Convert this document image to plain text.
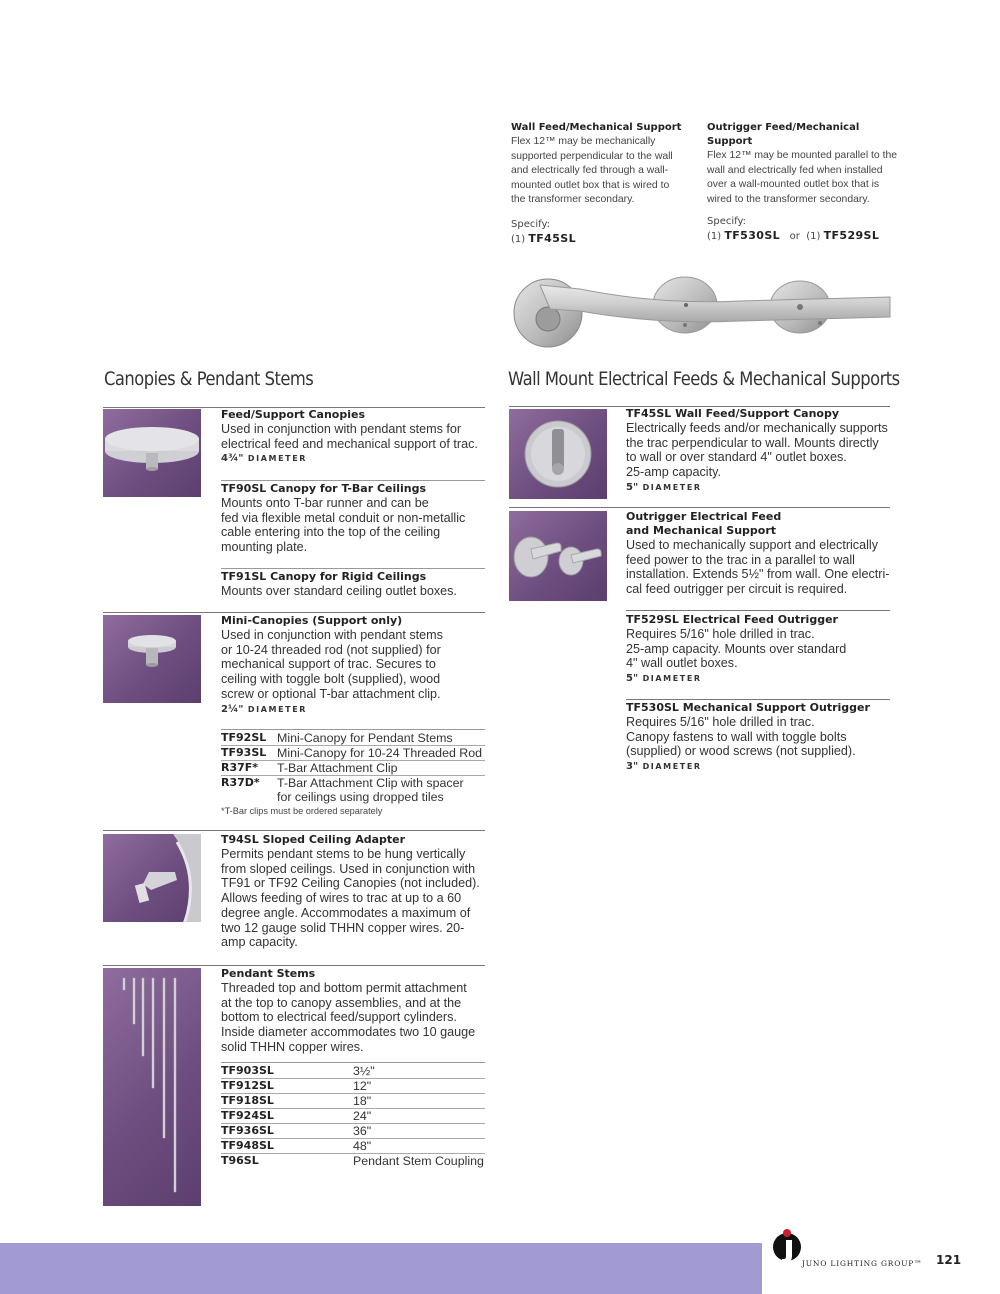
Wall Feed/Mechanical Support
Flex 12™ may be mechanically
supported perpendicular to the wall
and electrically fed through a wall-
mounted outlet box that is wired to
the transformer secondary.
Specify:
(1) TF45SL
Outrigger Feed/Mechanical Support
Flex 12™ may be mounted parallel to the
wall and electrically fed when installed
over a wall-mounted outlet box that is
wired to the transformer secondary.
Specify:
(1) TF530SL or (1) TF529SL
Canopies & Pendant Stems	Wall Mount Electrical Feeds & Mechanical Supports
Feed/Support Canopies
Used in conjunction with pendant stems for
electrical feed and mechanical support of trac.
4¾" DIAMETER
TF90SL Canopy for T-Bar Ceilings
Mounts onto T-bar runner and can be
fed via flexible metal conduit or non-metallic
cable entering into the top of the ceiling
mounting plate.
TF91SL Canopy for Rigid Ceilings
Mounts over standard ceiling outlet boxes.
Mini-Canopies (Support only)
Used in conjunction with pendant stems
or 10-24 threaded rod (not supplied) for
mechanical support of trac. Secures to
ceiling with toggle bolt (supplied), wood
screw or optional T-bar attachment clip.
2¼" DIAMETER
TF92SL	Mini-Canopy for Pendant Stems
TF93SL	Mini-Canopy for 10-24 Threaded Rod
R37F*	T-Bar Attachment Clip
R37D*	T-Bar Attachment Clip with spacer
for ceilings using dropped tiles
*T-Bar clips must be ordered separately
T94SL Sloped Ceiling Adapter
Permits pendant stems to be hung vertically
from sloped ceilings. Used in conjunction with
TF91 or TF92 Ceiling Canopies (not included).
Allows feeding of wires to trac at up to a 60
degree angle. Accommodates a maximum of
two 12 gauge solid THHN copper wires. 20-
amp capacity.
Pendant Stems
Threaded top and bottom permit attachment
at the top to canopy assemblies, and at the
bottom to electrical feed/support cylinders.
Inside diameter accommodates two 10 gauge
solid THHN copper wires.
TF903SL	3½"
TF912SL	12"
TF918SL	18"
TF924SL	24"
TF936SL	36"
TF948SL	48"
T96SL	Pendant Stem Coupling
TF45SL Wall Feed/Support Canopy
Electrically feeds and/or mechanically supports
the trac perpendicular to wall. Mounts directly
to wall or over standard 4" outlet boxes.
25-amp capacity.
5" DIAMETER
Outrigger Electrical Feed
and Mechanical Support
Used to mechanically support and electrically
feed power to the trac in a parallel to wall
installation. Extends 5½" from wall. One electri-
cal feed outrigger per circuit is required.
TF529SL Electrical Feed Outrigger
Requires 5/16" hole drilled in trac.
25-amp capacity. Mounts over standard
4" wall outlet boxes.
5" DIAMETER
TF530SL Mechanical Support Outrigger
Requires 5/16" hole drilled in trac.
Canopy fastens to wall with toggle bolts
(supplied) or wood screws (not supplied).
3" DIAMETER
JUNO LIGHTING GROUP™ 121
